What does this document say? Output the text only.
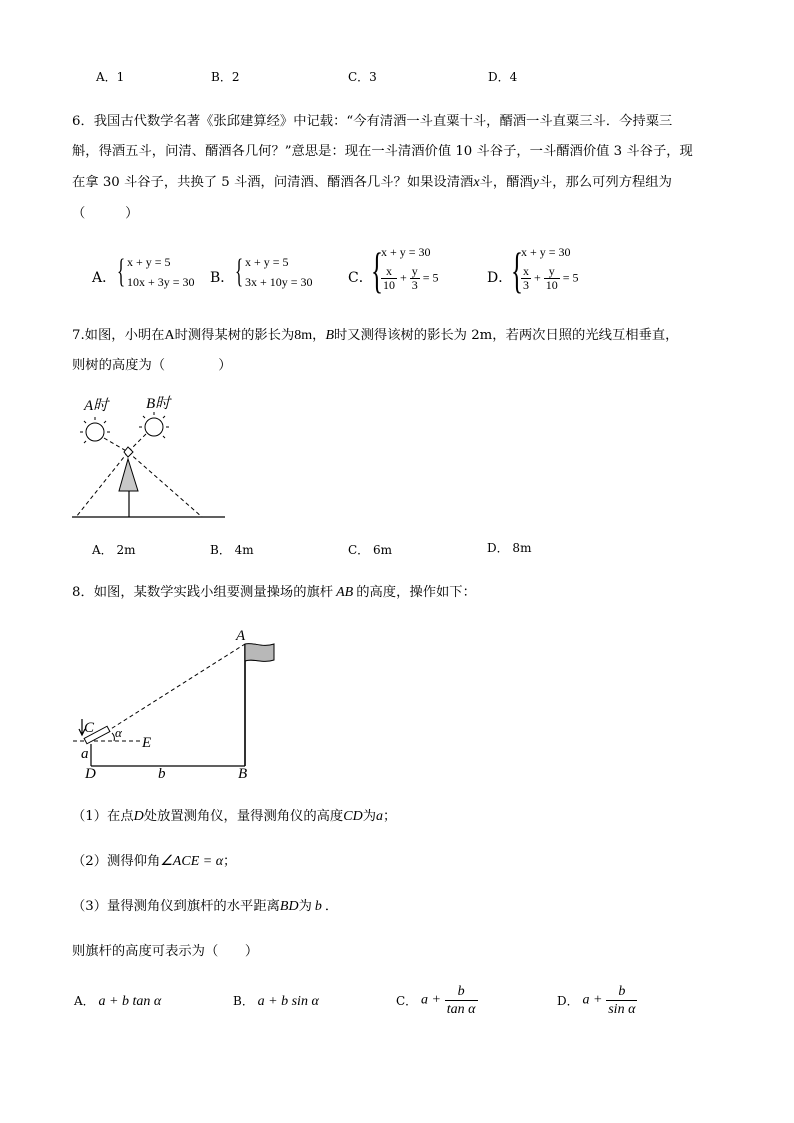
A．1	B．2	C．3	D．4
6．我国古代数学名著《张邱建算经》中记载：“今有清酒一斗直粟十斗，醑酒一斗直粟三斗．今持粟三
斛，得酒五斗，问清、醑酒各几何？”意思是：现在一斗清酒价值 10 斗谷子，一斗醑酒价值 3 斗谷子，现
在拿 30 斗谷子，共换了 5 斗酒，问清酒、醑酒各几斗？如果设清酒x斗，醑酒y斗，那么可列方程组为
（　　　）
A． { x + y = 5
10x + 3y = 30 B． { x + y = 5
3x + 10y = 30	C．
{
x + y = 30
$\frac{x}{10} + \frac{y}{3} = 5$	D．
{
x + y = 30
$\frac{x}{3} + \frac{y}{10} = 5$
7.如图，小明在A时测得某树的影长为8m，B时又测得该树的影长为 2m，若两次日照的光线互相垂直，
则树的高度为（　　　　）
A时	B时
A． 2m	B． 4m	C． 6m	D． 8m
8．如图，某数学实践小组要测量操场的旗杆 AB 的高度，操作如下：
A
C α
E
a
D	b	B
（1）在点D处放置测角仪，量得测角仪的高度CD为a；
（2）测得仰角∠ACE = α；
（3）量得测角仪到旗杆的水平距离BD为 b ．
则旗杆的高度可表示为（　　）
A． a + b tan α	B． a + b sin α	C． $a + \frac{b}{\text{tan α}}$	D． $a + \frac{b}{\text{sin α}}$
